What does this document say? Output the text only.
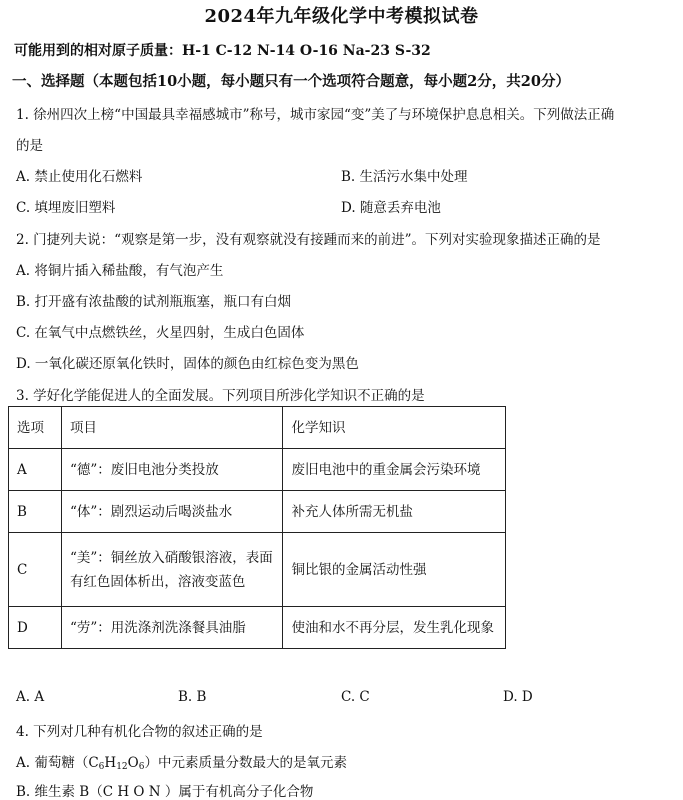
2024年九年级化学中考模拟试卷
可能用到的相对原子质量：H-1 C-12 N-14 O-16 Na-23 S-32
一、选择题（本题包括10小题，每小题只有一个选项符合题意，每小题2分，共20分）
1. 徐州四次上榜“中国最具幸福感城市”称号，城市家园“变”美了与环境保护息息相关。下列做法正确
的是
A. 禁止使用化石燃料	B. 生活污水集中处理
C. 填埋废旧塑料	D. 随意丢弃电池
2. 门捷列夫说：“观察是第一步，没有观察就没有接踵而来的前进”。下列对实验现象描述正确的是
A. 将铜片插入稀盐酸，有气泡产生
B. 打开盛有浓盐酸的试剂瓶瓶塞，瓶口有白烟
C. 在氧气中点燃铁丝，火星四射，生成白色固体
D. 一氧化碳还原氧化铁时，固体的颜色由红棕色变为黑色
3. 学好化学能促进人的全面发展。下列项目所涉化学知识不正确的是
选项	项目	化学知识
A	“德”：废旧电池分类投放	废旧电池中的重金属会污染环境
B	“体”：剧烈运动后喝淡盐水	补充人体所需无机盐
C	“美”：铜丝放入硝酸银溶液，表面
有红色固体析出，溶液变蓝色	铜比银的金属活动性强
D	“劳”：用洗涤剂洗涤餐具油脂	使油和水不再分层，发生乳化现象
A. A	B. B	C. C	D. D
4. 下列对几种有机化合物的叙述正确的是
A. 葡萄糖$(C_6H_{12}O_6)$中元素质量分数最大的是氧元素
B. 维生素 B（C H O N ）属于有机高分子化合物
